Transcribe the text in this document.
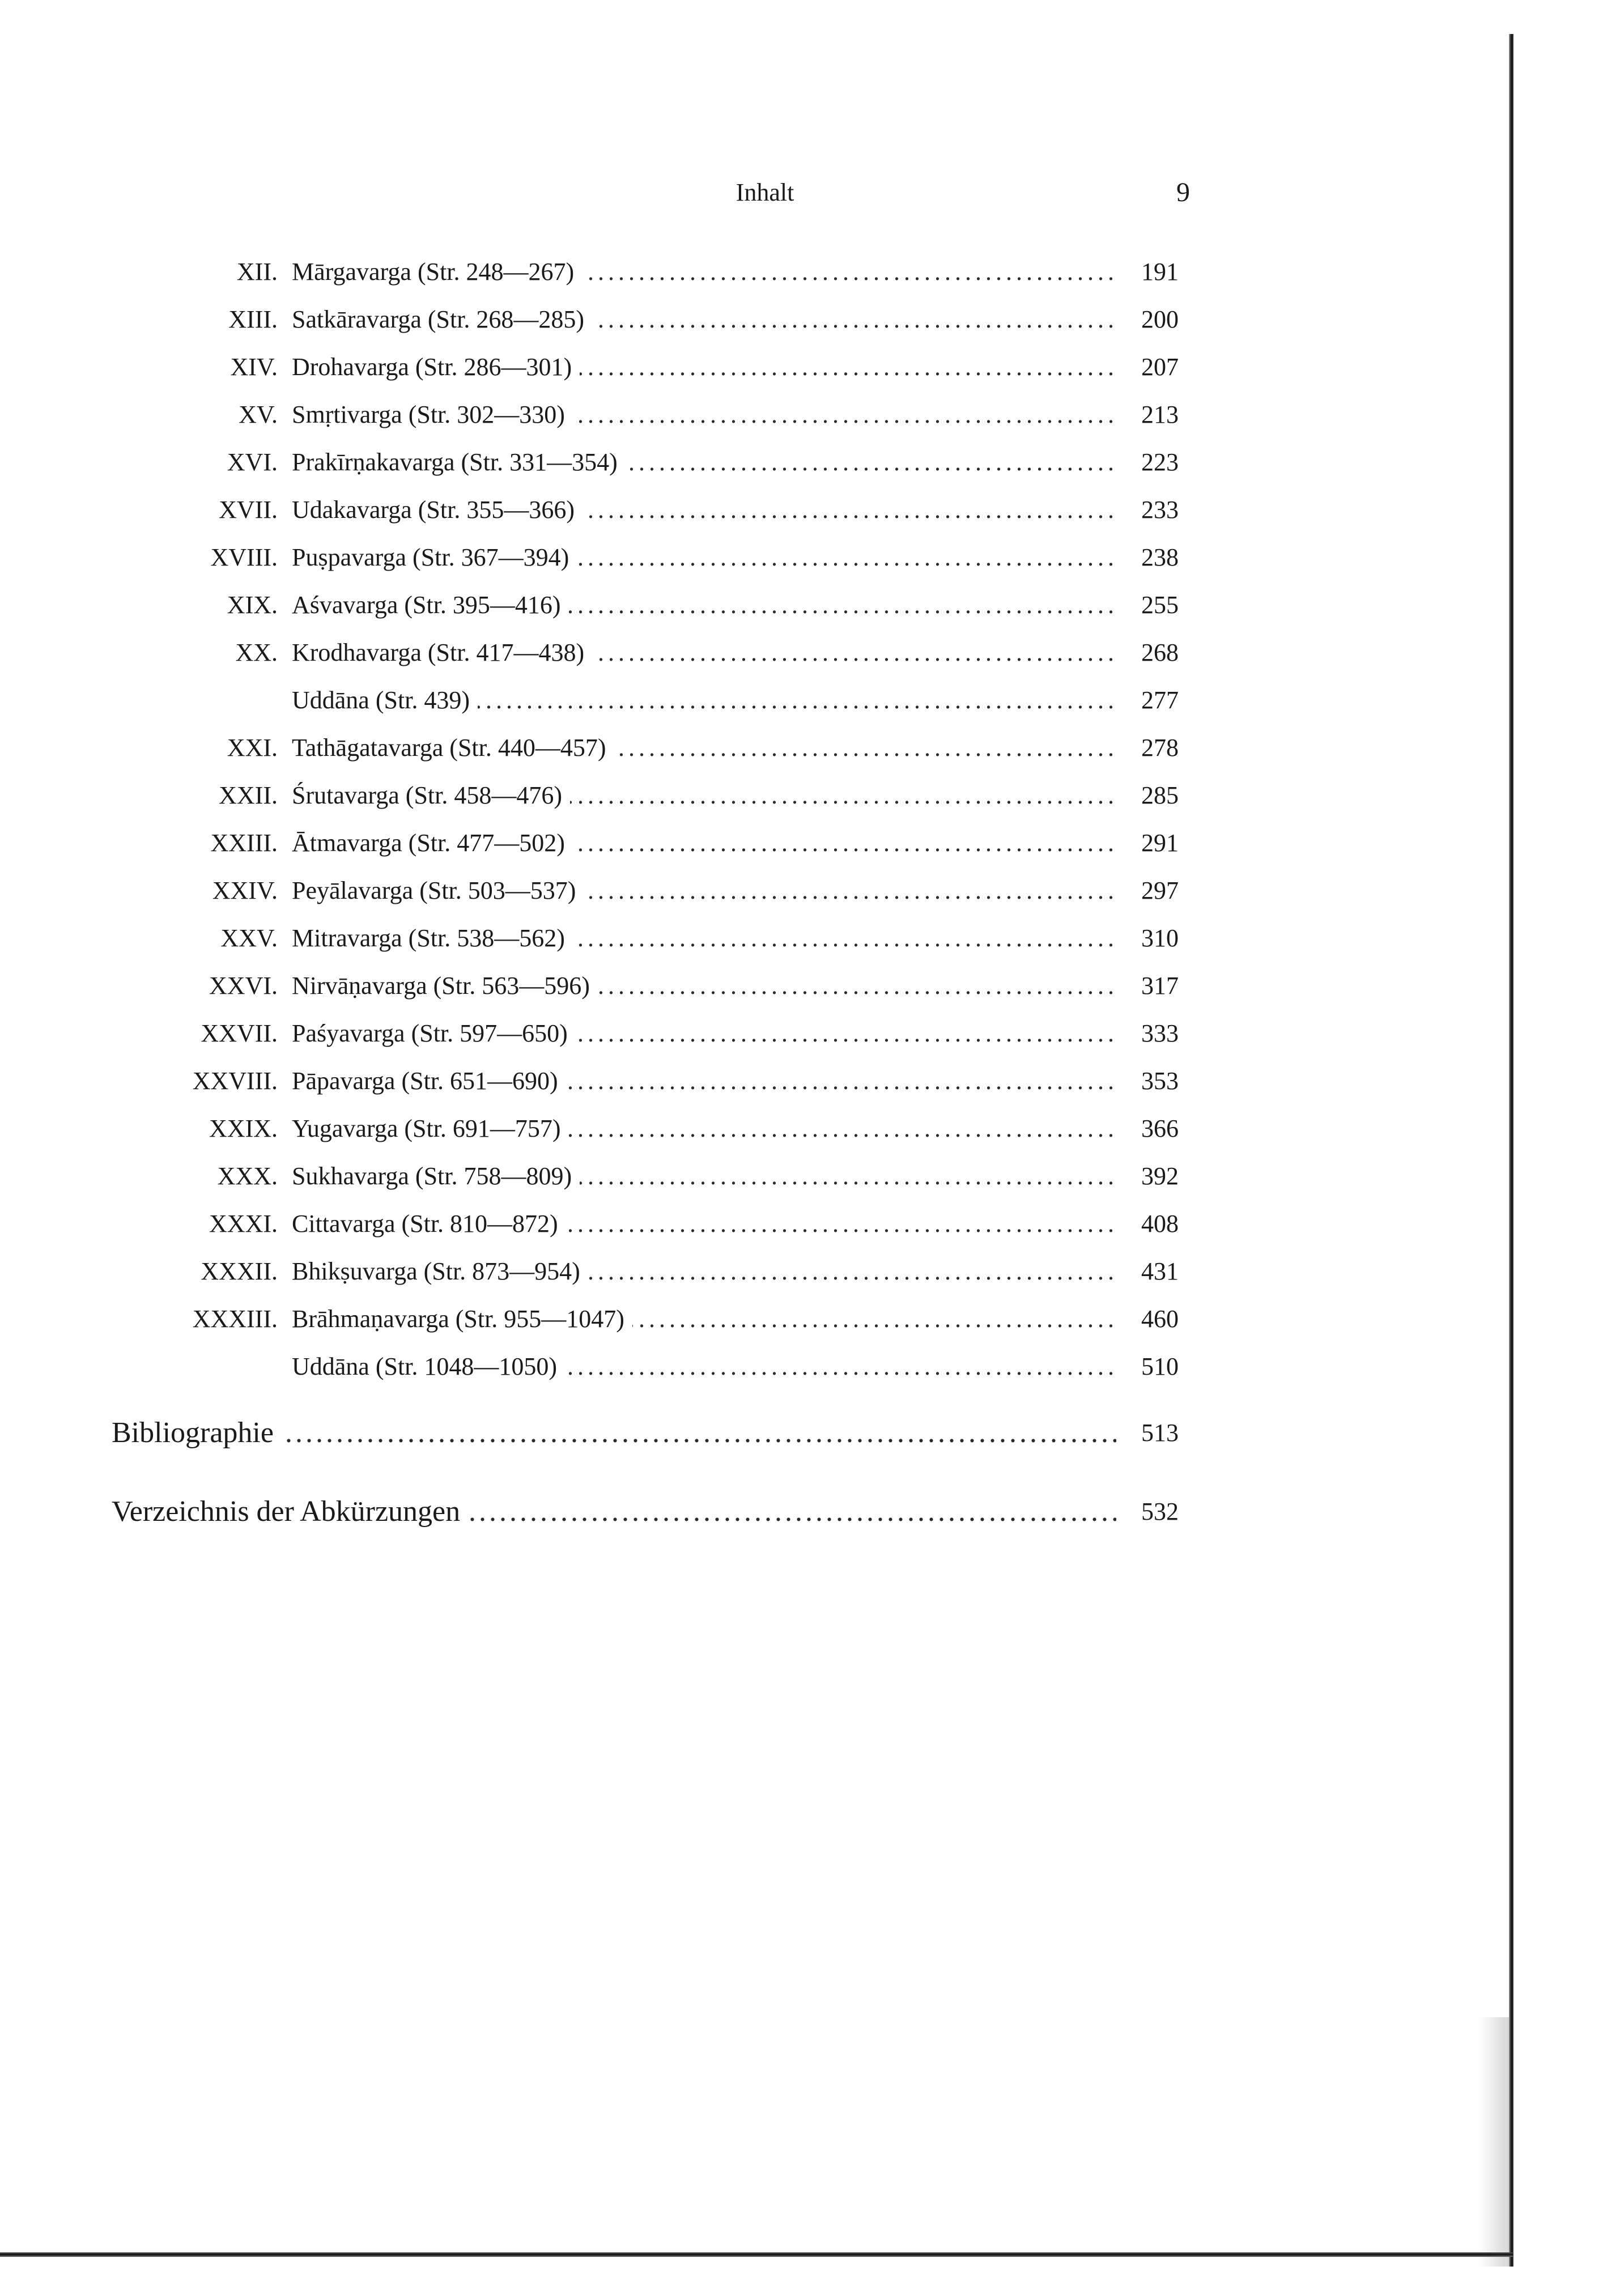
Inhalt	9
XII. Mārgavarga (Str. 248—267) . . .	191
XIII. Satkāravarga (Str. 268—285) . . .	200
XIV. Drohavarga (Str. 286—301) . . .	207
XV. Smṛtivarga (Str. 302—330) . . .	213
XVI. Prakīrṇakavarga (Str. 331—354) . . .	223
XVII. Udakavarga (Str. 355—366) . . .	233
XVIII. Puṣpavarga (Str. 367—394) . . .	238
XIX. Aśvavarga (Str. 395—416) . . .	255
XX. Krodhavarga (Str. 417—438) . . .	268
Uddāna (Str. 439) . . .	277
XXI. Tathāgatavarga (Str. 440—457) . . .	278
XXII. Śrutavarga (Str. 458—476) . . .	285
XXIII. Ātmavarga (Str. 477—502) . . .	291
XXIV. Peyālavarga (Str. 503—537) . . .	297
XXV. Mitravarga (Str. 538—562) . . .	310
XXVI. Nirvāṇavarga (Str. 563—596) . . .	317
XXVII. Paśyavarga (Str. 597—650) . . .	333
XXVIII. Pāpavarga (Str. 651—690) . . .	353
XXIX. Yugavarga (Str. 691—757) . . .	366
XXX. Sukhavarga (Str. 758—809) . . .	392
XXXI. Cittavarga (Str. 810—872) . . .	408
XXXII. Bhikṣuvarga (Str. 873—954) . . .	431
XXXIII. Brāhmaṇavarga (Str. 955—1047) . . .	460
Uddāna (Str. 1048—1050) . . .	510
Bibliographie . . .	513
Verzeichnis der Abkürzungen . . .	532
